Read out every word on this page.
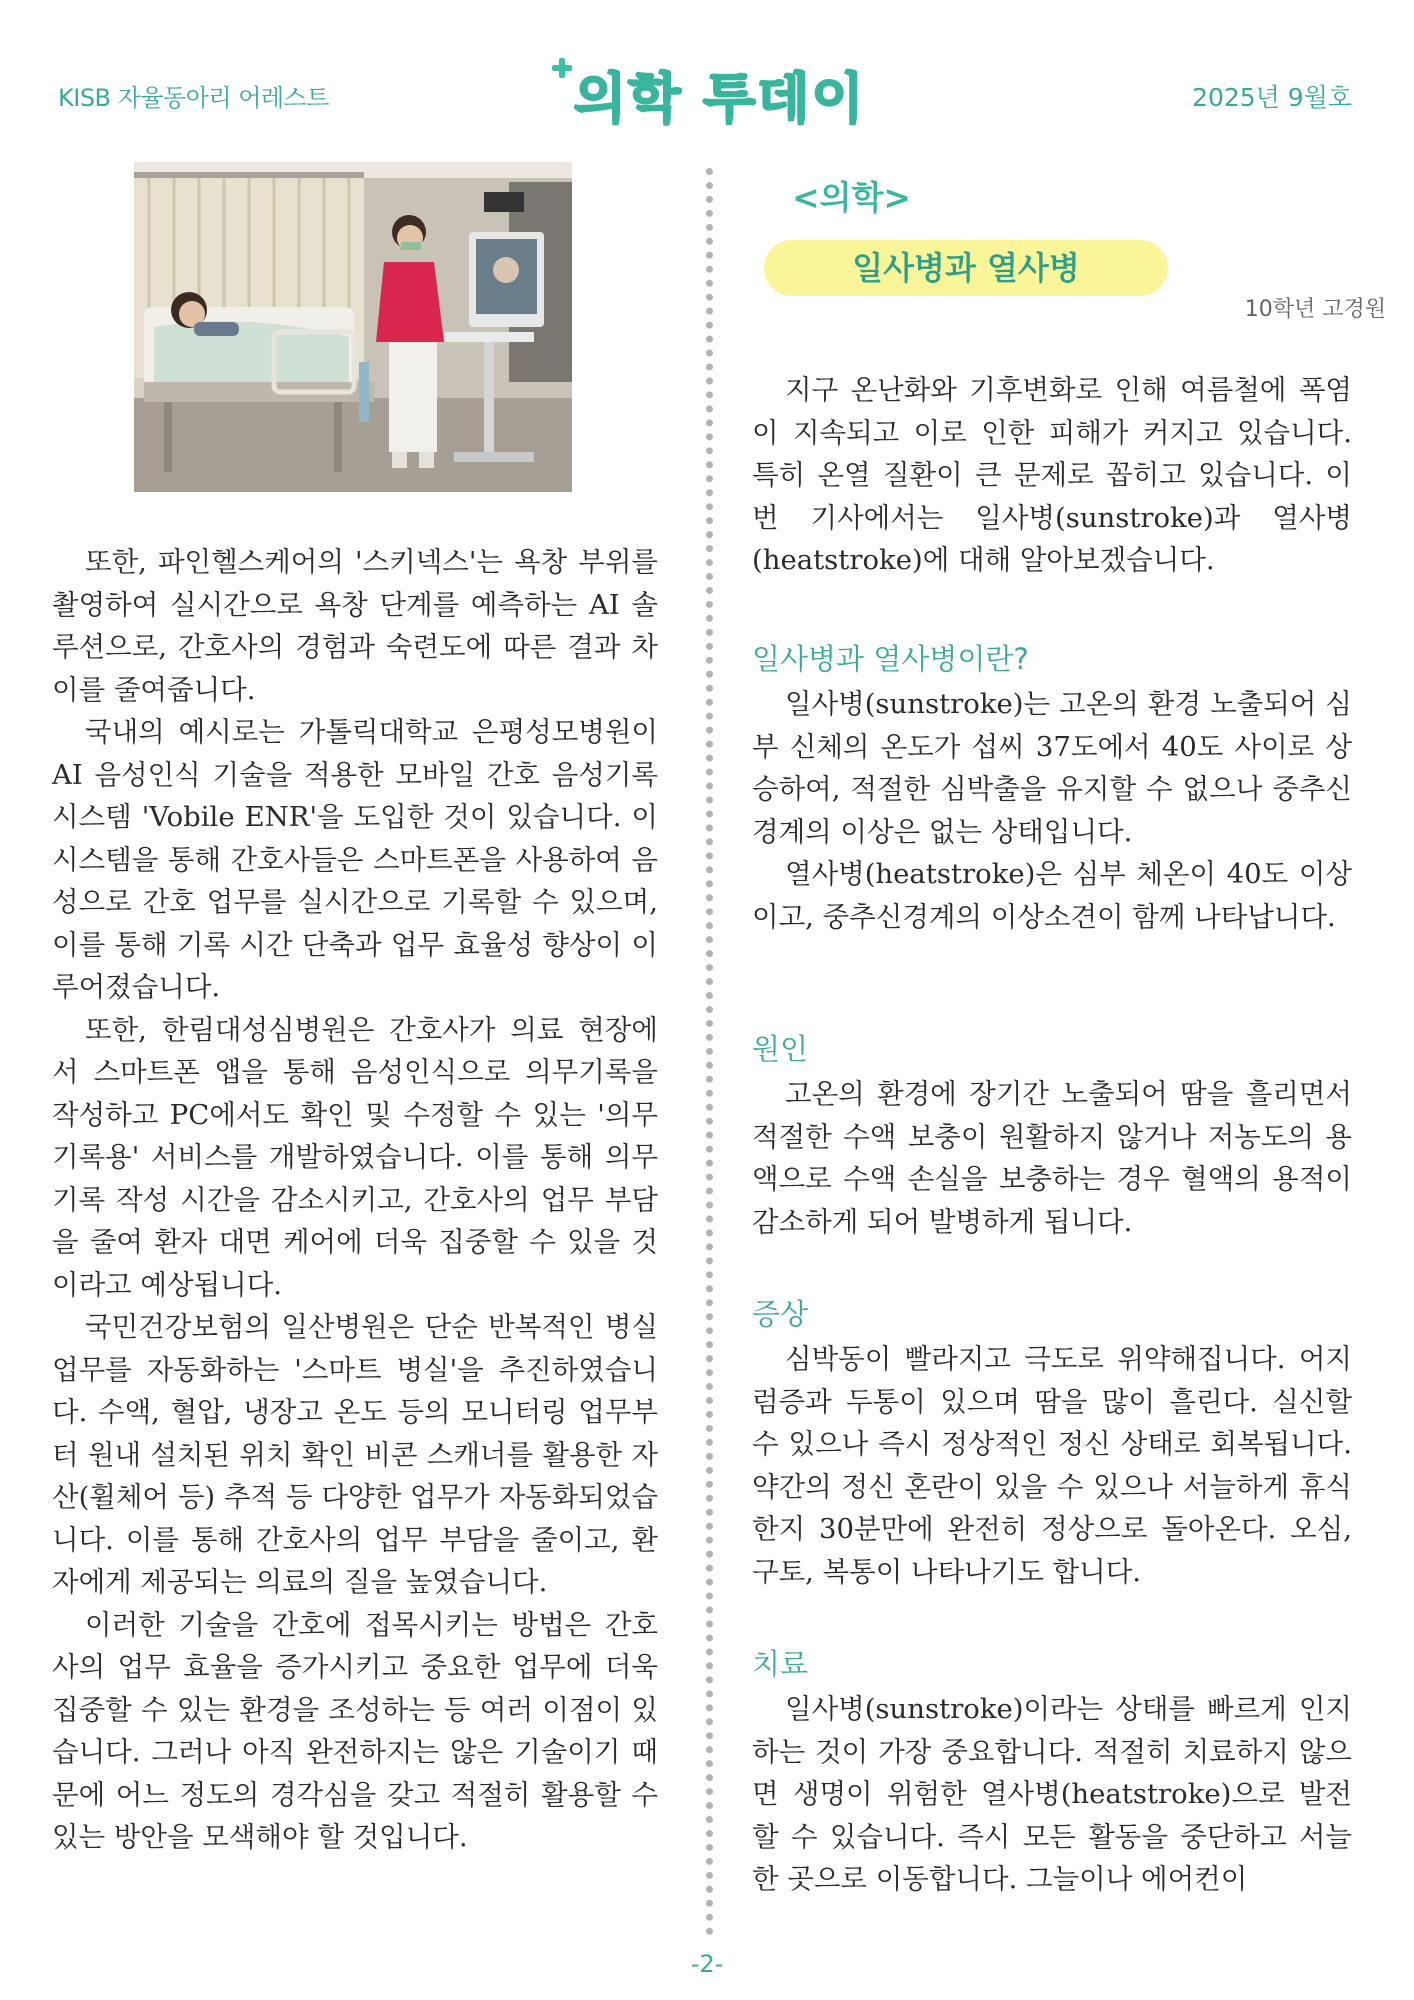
KISB 자율동아리 어레스트	의학 투데이	2025년 9월호

또한, 파인헬스케어의 '스키넥스'는 욕창 부위를 촬영하여 실시간으로 욕창 단계를 예측하는 AI 솔루션으로, 간호사의 경험과 숙련도에 따른 결과 차이를 줄여줍니다.

국내의 예시로는 가톨릭대학교 은평성모병원이 AI 음성인식 기술을 적용한 모바일 간호 음성기록 시스템 'Vobile ENR'을 도입한 것이 있습니다. 이 시스템을 통해 간호사들은 스마트폰을 사용하여 음성으로 간호 업무를 실시간으로 기록할 수 있으며, 이를 통해 기록 시간 단축과 업무 효율성 향상이 이루어졌습니다.

또한, 한림대성심병원은 간호사가 의료 현장에서 스마트폰 앱을 통해 음성인식으로 의무기록을 작성하고 PC에서도 확인 및 수정할 수 있는 '의무 기록용' 서비스를 개발하였습니다. 이를 통해 의무기록 작성 시간을 감소시키고, 간호사의 업무 부담을 줄여 환자 대면 케어에 더욱 집중할 수 있을 것이라고 예상됩니다.

국민건강보험의 일산병원은 단순 반복적인 병실 업무를 자동화하는 '스마트 병실'을 추진하였습니다. 수액, 혈압, 냉장고 온도 등의 모니터링 업무부터 원내 설치된 위치 확인 비콘 스캐너를 활용한 자산(휠체어 등) 추적 등 다양한 업무가 자동화되었습니다. 이를 통해 간호사의 업무 부담을 줄이고, 환자에게 제공되는 의료의 질을 높였습니다.

이러한 기술을 간호에 접목시키는 방법은 간호사의 업무 효율을 증가시키고 중요한 업무에 더욱 집중할 수 있는 환경을 조성하는 등 여러 이점이 있습니다. 그러나 아직 완전하지는 않은 기술이기 때문에 어느 정도의 경각심을 갖고 적절히 활용할 수 있는 방안을 모색해야 할 것입니다.

<의학>
일사병과 열사병
10학년 고경원

지구 온난화와 기후변화로 인해 여름철에 폭염이 지속되고 이로 인한 피해가 커지고 있습니다. 특히 온열 질환이 큰 문제로 꼽히고 있습니다. 이번 기사에서는 일사병(sunstroke)과 열사병(heatstroke)에 대해 알아보겠습니다.

일사병과 열사병이란?

일사병(sunstroke)는 고온의 환경 노출되어 심부 신체의 온도가 섭씨 37도에서 40도 사이로 상승하여, 적절한 심박출을 유지할 수 없으나 중추신경계의 이상은 없는 상태입니다.

열사병(heatstroke)은 심부 체온이 40도 이상이고, 중추신경계의 이상소견이 함께 나타납니다.

원인

고온의 환경에 장기간 노출되어 땀을 흘리면서 적절한 수액 보충이 원활하지 않거나 저농도의 용액으로 수액 손실을 보충하는 경우 혈액의 용적이 감소하게 되어 발병하게 됩니다.

증상

심박동이 빨라지고 극도로 위약해집니다. 어지럼증과 두통이 있으며 땀을 많이 흘린다. 실신할 수 있으나 즉시 정상적인 정신 상태로 회복됩니다. 약간의 정신 혼란이 있을 수 있으나 서늘하게 휴식한지 30분만에 완전히 정상으로 돌아온다. 오심, 구토, 복통이 나타나기도 합니다.

치료

일사병(sunstroke)이라는 상태를 빠르게 인지하는 것이 가장 중요합니다. 적절히 치료하지 않으면 생명이 위험한 열사병(heatstroke)으로 발전할 수 있습니다. 즉시 모든 활동을 중단하고 서늘한 곳으로 이동합니다. 그늘이나 에어컨이

-2-
